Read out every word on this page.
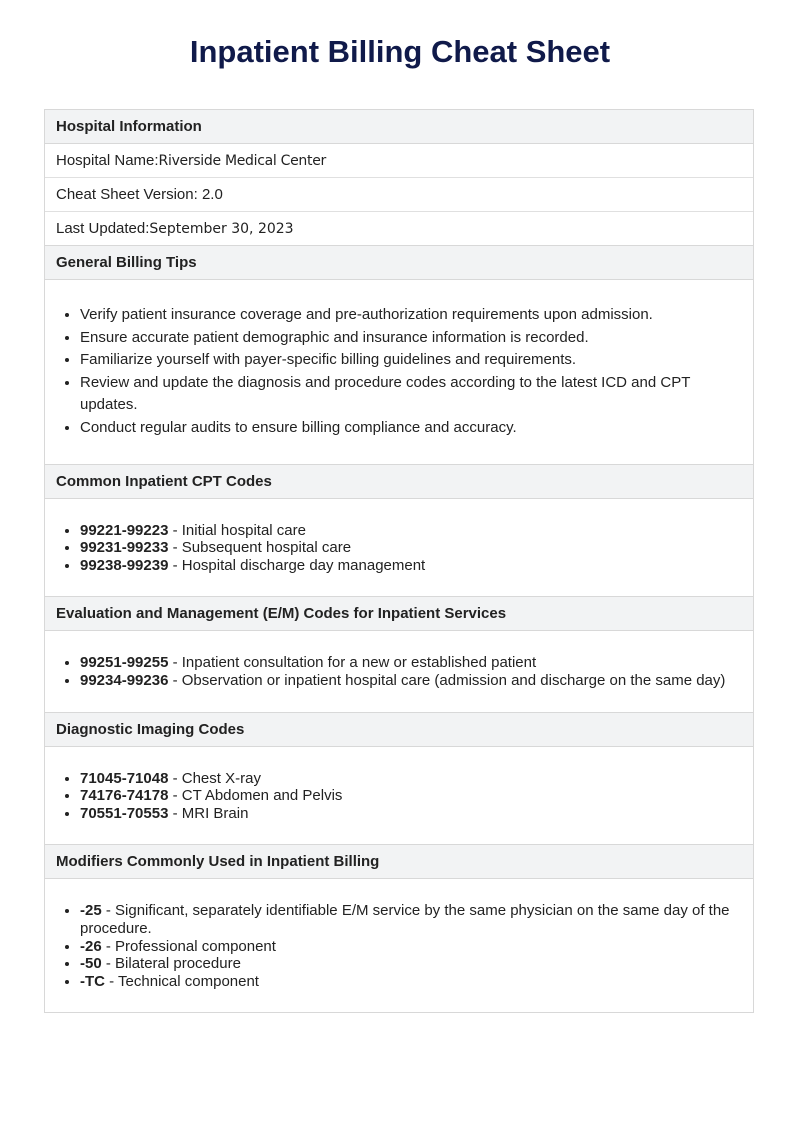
Inpatient Billing Cheat Sheet
Hospital Information
Hospital Name:Riverside Medical Center
Cheat Sheet Version: 2.0
Last Updated:September 30, 2023
General Billing Tips
• Verify patient insurance coverage and pre-authorization requirements upon admission.
• Ensure accurate patient demographic and insurance information is recorded.
• Familiarize yourself with payer-specific billing guidelines and requirements.
• Review and update the diagnosis and procedure codes according to the latest ICD and CPT updates.
• Conduct regular audits to ensure billing compliance and accuracy.
Common Inpatient CPT Codes
• 99221-99223 - Initial hospital care
• 99231-99233 - Subsequent hospital care
• 99238-99239 - Hospital discharge day management
Evaluation and Management (E/M) Codes for Inpatient Services
• 99251-99255 - Inpatient consultation for a new or established patient
• 99234-99236 - Observation or inpatient hospital care (admission and discharge on the same day)
Diagnostic Imaging Codes
• 71045-71048 - Chest X-ray
• 74176-74178 - CT Abdomen and Pelvis
• 70551-70553 - MRI Brain
Modifiers Commonly Used in Inpatient Billing
• -25 - Significant, separately identifiable E/M service by the same physician on the same day of the procedure.
• -26 - Professional component
• -50 - Bilateral procedure
• -TC - Technical component
